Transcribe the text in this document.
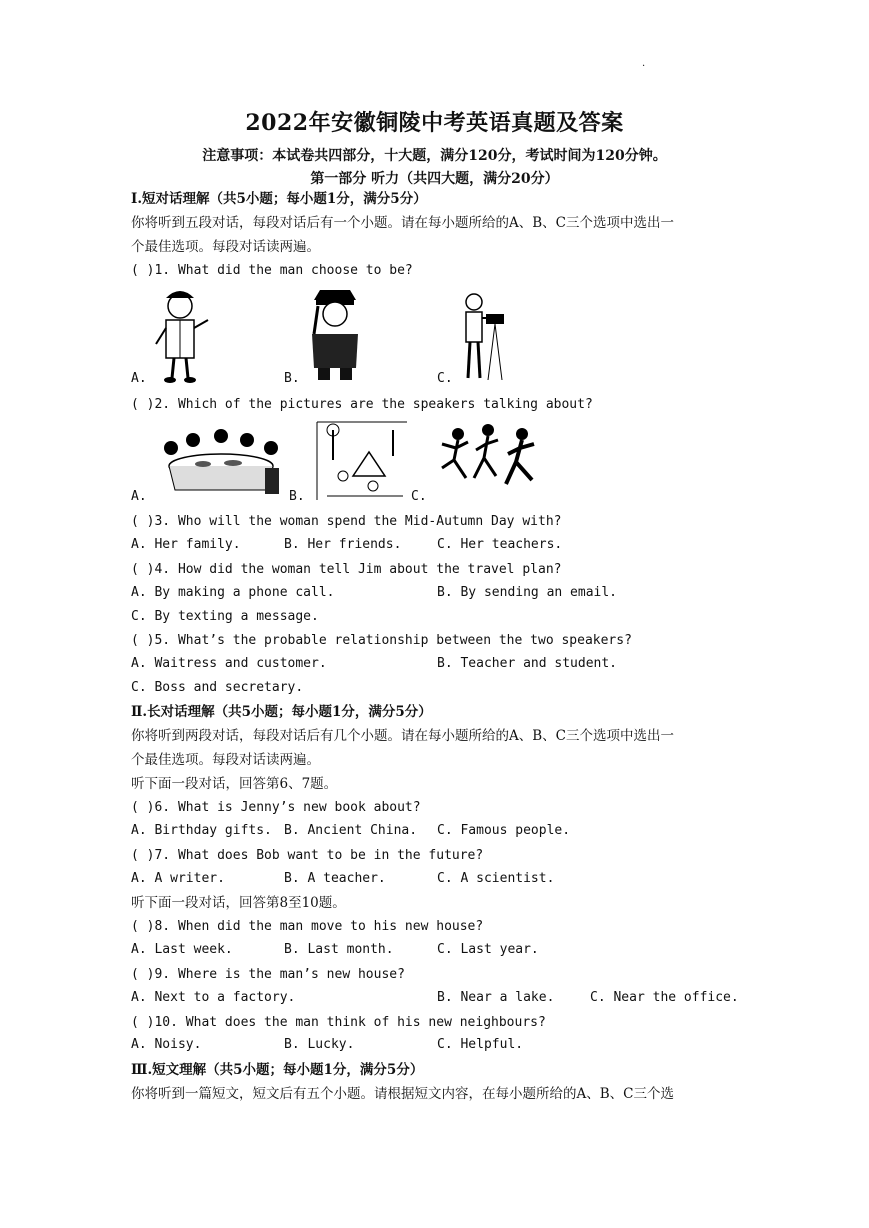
.
2022年安徽铜陵中考英语真题及答案
注意事项：本试卷共四部分，十大题，满分120分，考试时间为120分钟。
第一部分 听力（共四大题，满分20分）
Ⅰ.短对话理解（共5小题；每小题1分，满分5分）
你将听到五段对话，每段对话后有一个小题。请在每小题所给的A、B、C三个选项中选出一
个最佳选项。每段对话读两遍。
( )1. What did the man choose to be?
A.	B.	C.
( )2. Which of the pictures are the speakers talking about?
A.	B.	C.
( )3. Who will the woman spend the Mid-Autumn Day with?
A. Her family.	B. Her friends.	C. Her teachers.
( )4. How did the woman tell Jim about the travel plan?
A. By making a phone call.	B. By sending an email.
C. By texting a message.
( )5. What’s the probable relationship between the two speakers?
A. Waitress and customer.	B. Teacher and student.
C. Boss and secretary.
Ⅱ.长对话理解（共5小题；每小题1分，满分5分）
你将听到两段对话，每段对话后有几个小题。请在每小题所给的A、B、C三个选项中选出一
个最佳选项。每段对话读两遍。
听下面一段对话，回答第6、7题。
( )6. What is Jenny’s new book about?
A. Birthday gifts. B. Ancient China. C. Famous people.
( )7. What does Bob want to be in the future?
A. A writer.	B. A teacher.	C. A scientist.
听下面一段对话，回答第8至10题。
( )8. When did the man move to his new house?
A. Last week.	B. Last month.	C. Last year.
( )9. Where is the man’s new house?
A. Next to a factory.	B. Near a lake.	C. Near the office.
( )10. What does the man think of his new neighbours?
A. Noisy.	B. Lucky.	C. Helpful.
Ⅲ.短文理解（共5小题；每小题1分，满分5分）
你将听到一篇短文，短文后有五个小题。请根据短文内容，在每小题所给的A、B、C三个选
